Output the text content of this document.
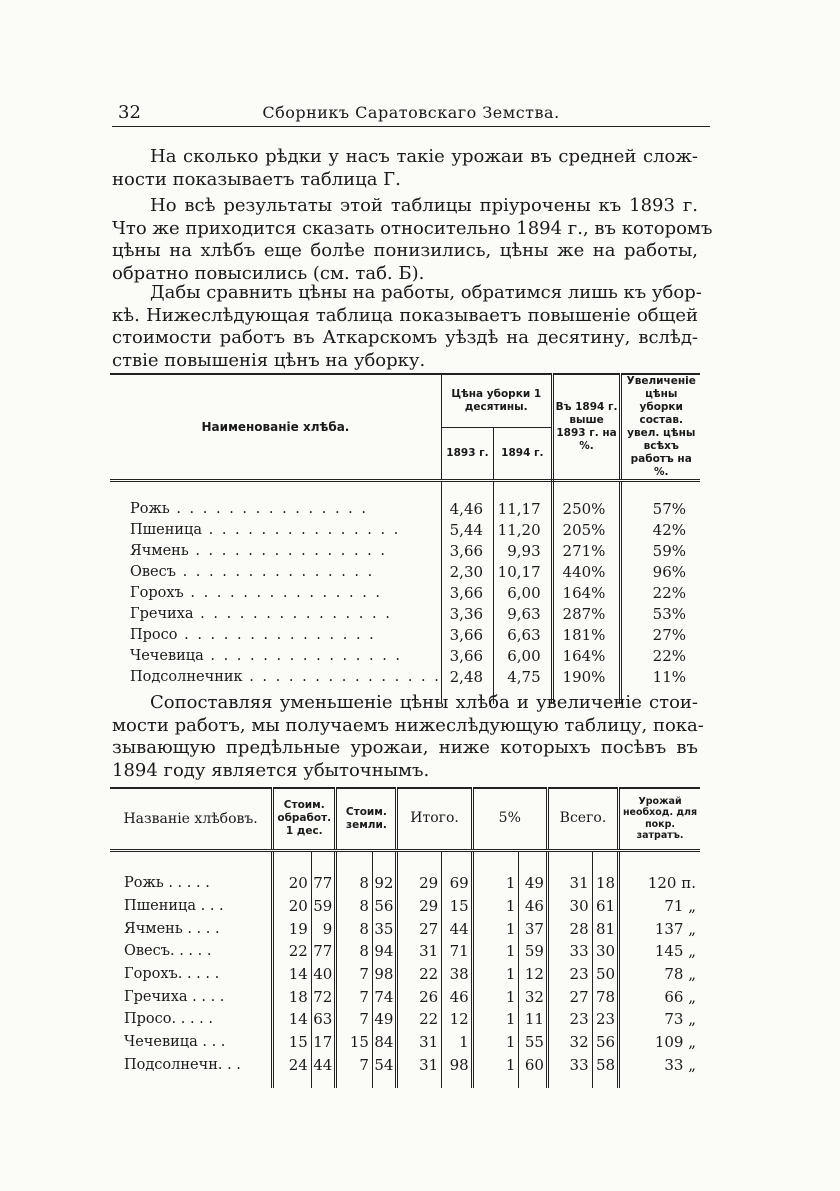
32	Сборникъ Саратовскаго Земства.
На сколько рѣдки у насъ такіе урожаи въ средней слож-
ности показываетъ таблица Г.
Но всѣ результаты этой таблицы пріурочены къ 1893 г.
Что же приходится сказать относительно 1894 г., въ которомъ
цѣны на хлѣбъ еще болѣе понизились, цѣны же на работы,
обратно повысились (см. таб. Б).
Дабы сравнить цѣны на работы, обратимся лишь къ убор-
кѣ. Нижеслѣдующая таблица показываетъ повышеніе общей
стоимости работъ въ Аткарскомъ уѣздѣ на десятину, вслѣд-
ствіе повышенія цѣнъ на уборку.
Наименованіе хлѣба.	Цѣна уборки 1 десятины.		Въ 1894 г. выше 1893 г. на %.	Увеличеніе цѣны уборки состав. увел. цѣны всѣхъ работъ на %.
	1893 г.	1894 г.		

Рожь . . . . . . . . . . . . . . .	4,46	11,17	250%	57%
Пшеница . . . . . . . . . . . . . . .	5,44	11,20	205%	42%
Ячмень . . . . . . . . . . . . . . .	3,66	9,93	271%	59%
Овесъ . . . . . . . . . . . . . . .	2,30	10,17	440%	96%
Горохъ . . . . . . . . . . . . . . .	3,66	6,00	164%	22%
Гречиха . . . . . . . . . . . . . . .	3,36	9,63	287%	53%
Просо . . . . . . . . . . . . . . .	3,66	6,63	181%	27%
Чечевица . . . . . . . . . . . . . . .	3,66	6,00	164%	22%
Подсолнечник . . . . . . . . . . . . . . .	2,48	4,75	190%	11%

Сопоставляя уменьшеніе цѣны хлѣба и увеличеніе стои-
мости работъ, мы получаемъ нижеслѣдующую таблицу, пока-
зывающую предѣльные урожаи, ниже которыхъ посѣвъ въ
1894 году является убыточнымъ.
Названіе хлѣбовъ.	Стоим. обработ. 1 дес.		Стоим. земли.		Итого.		5%		Всего.		Урожай необход. для покр. затратъ.

Рожь . . . . .	20	77	8	92	29	69	1	49	31	18	120 п.
Пшеница . . .	20	59	8	56	29	15	1	46	30	61	71 „
Ячмень . . . .	19	9	8	35	27	44	1	37	28	81	137 „
Овесъ. . . . .	22	77	8	94	31	71	1	59	33	30	145 „
Горохъ. . . . .	14	40	7	98	22	38	1	12	23	50	78 „
Гречиха . . . .	18	72	7	74	26	46	1	32	27	78	66 „
Просо. . . . .	14	63	7	49	22	12	1	11	23	23	73 „
Чечевица . . .	15	17	15	84	31	1	1	55	32	56	109 „
Подсолнечн. . .	24	44	7	54	31	98	1	60	33	58	33 „
